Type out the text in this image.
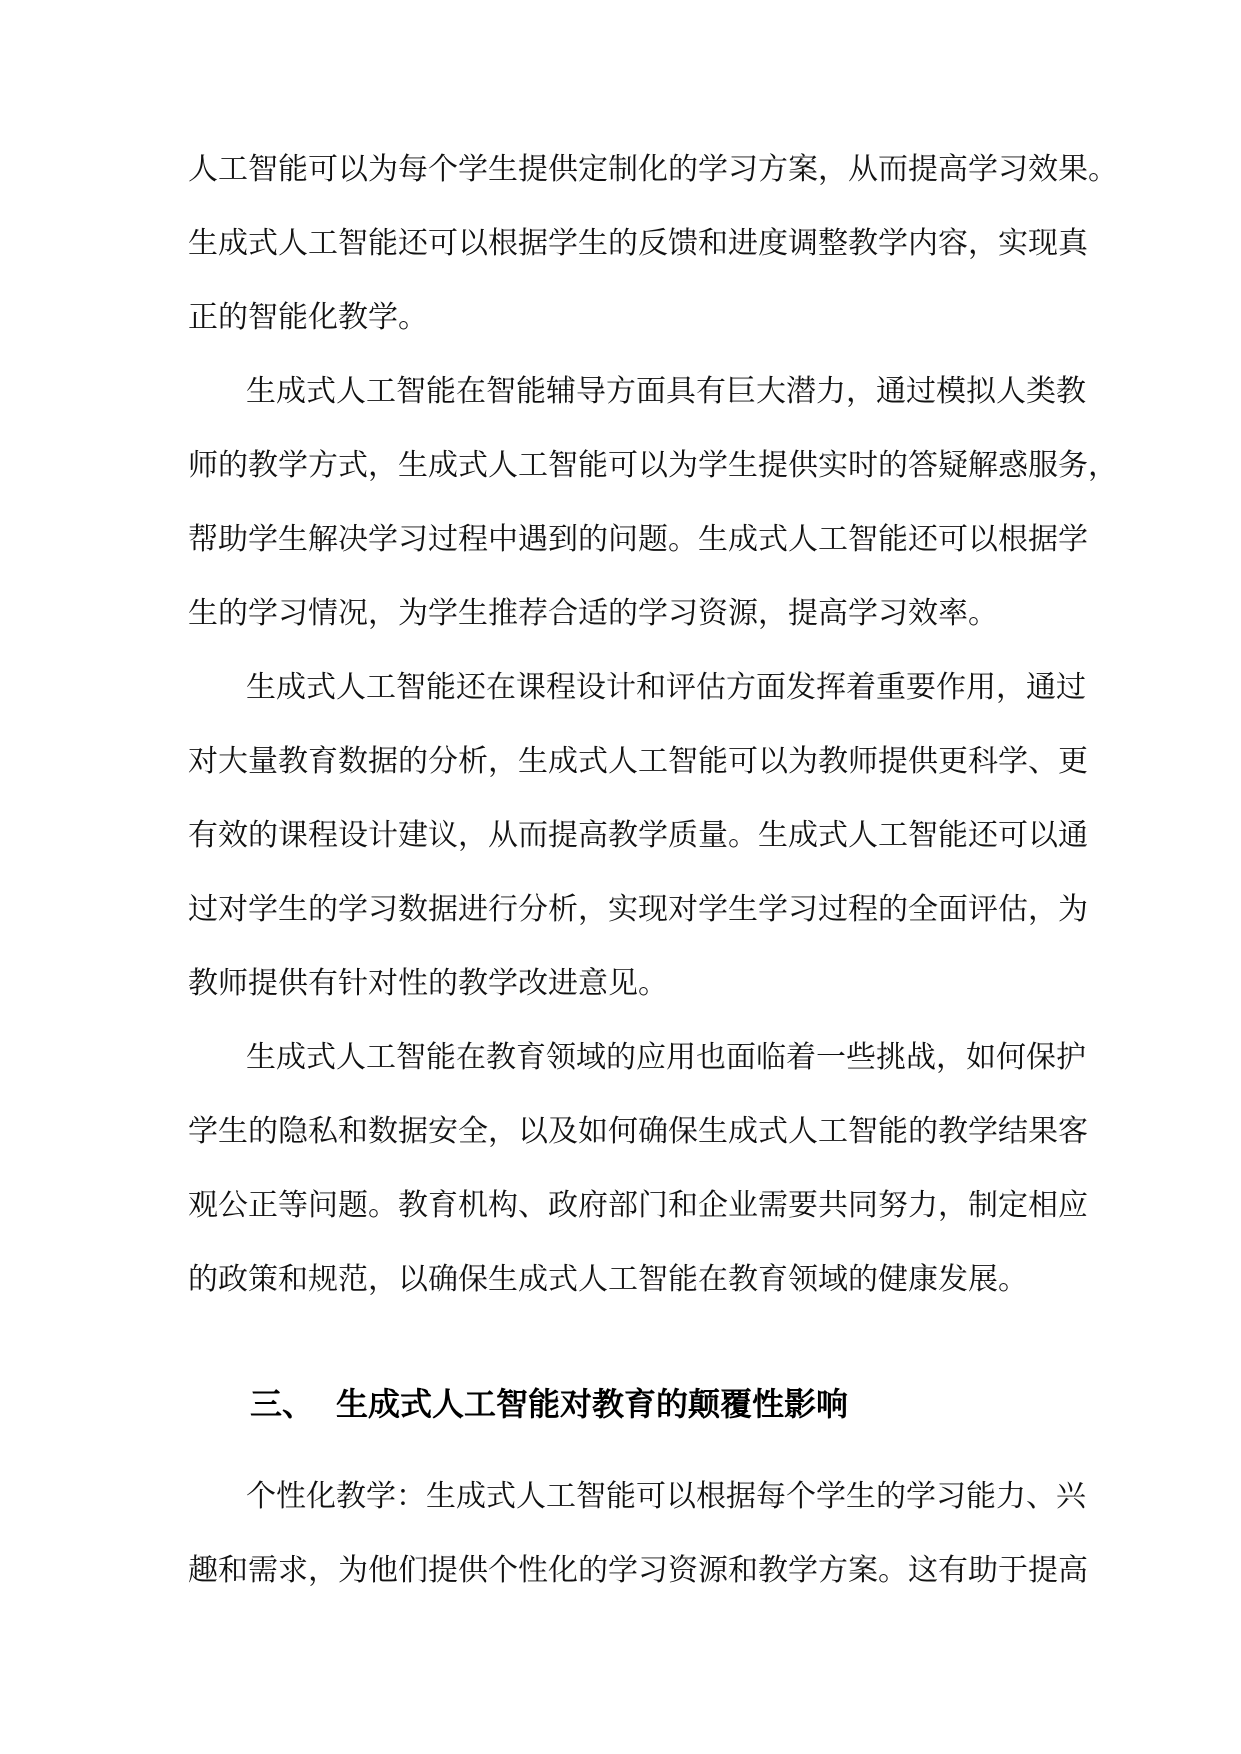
人工智能可以为每个学生提供定制化的学习方案，从而提高学习效果。
生成式人工智能还可以根据学生的反馈和进度调整教学内容，实现真
正的智能化教学。
生成式人工智能在智能辅导方面具有巨大潜力，通过模拟人类教
师的教学方式，生成式人工智能可以为学生提供实时的答疑解惑服务，
帮助学生解决学习过程中遇到的问题。生成式人工智能还可以根据学
生的学习情况，为学生推荐合适的学习资源，提高学习效率。
生成式人工智能还在课程设计和评估方面发挥着重要作用，通过
对大量教育数据的分析，生成式人工智能可以为教师提供更科学、更
有效的课程设计建议，从而提高教学质量。生成式人工智能还可以通
过对学生的学习数据进行分析，实现对学生学习过程的全面评估，为
教师提供有针对性的教学改进意见。
生成式人工智能在教育领域的应用也面临着一些挑战，如何保护
学生的隐私和数据安全，以及如何确保生成式人工智能的教学结果客
观公正等问题。教育机构、政府部门和企业需要共同努力，制定相应
的政策和规范，以确保生成式人工智能在教育领域的健康发展。
三、 生成式人工智能对教育的颠覆性影响
个性化教学：生成式人工智能可以根据每个学生的学习能力、兴
趣和需求，为他们提供个性化的学习资源和教学方案。这有助于提高
